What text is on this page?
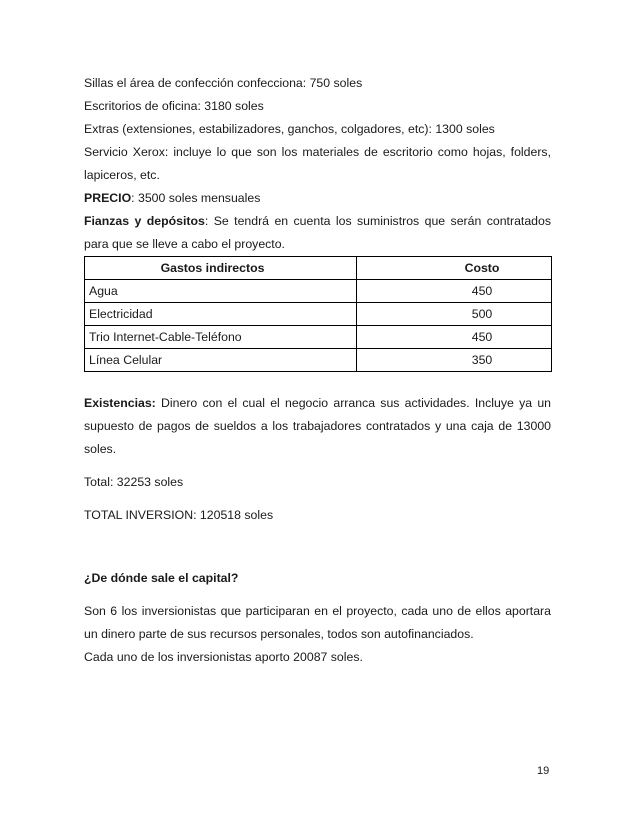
Sillas el área de confección confecciona: 750 soles

Escritorios de oficina: 3180 soles

Extras (extensiones, estabilizadores, ganchos, colgadores, etc): 1300 soles

Servicio Xerox: incluye lo que son los materiales de escritorio como hojas, folders, lapiceros, etc.

PRECIO: 3500 soles mensuales

Fianzas y depósitos: Se tendrá en cuenta los suministros que serán contratados para que se lleve a cabo el proyecto.

Gastos indirectos	Costo
Agua	450
Electricidad	500
Trio Internet-Cable-Teléfono	450
Línea Celular	350

Existencias: Dinero con el cual el negocio arranca sus actividades. Incluye ya un supuesto de pagos de sueldos a los trabajadores contratados y una caja de 13000 soles.

Total: 32253 soles

TOTAL INVERSION: 120518 soles

¿De dónde sale el capital?

Son 6 los inversionistas que participaran en el proyecto, cada uno de ellos aportara un dinero parte de sus recursos personales, todos son autofinanciados.

Cada uno de los inversionistas aporto 20087 soles.

19
